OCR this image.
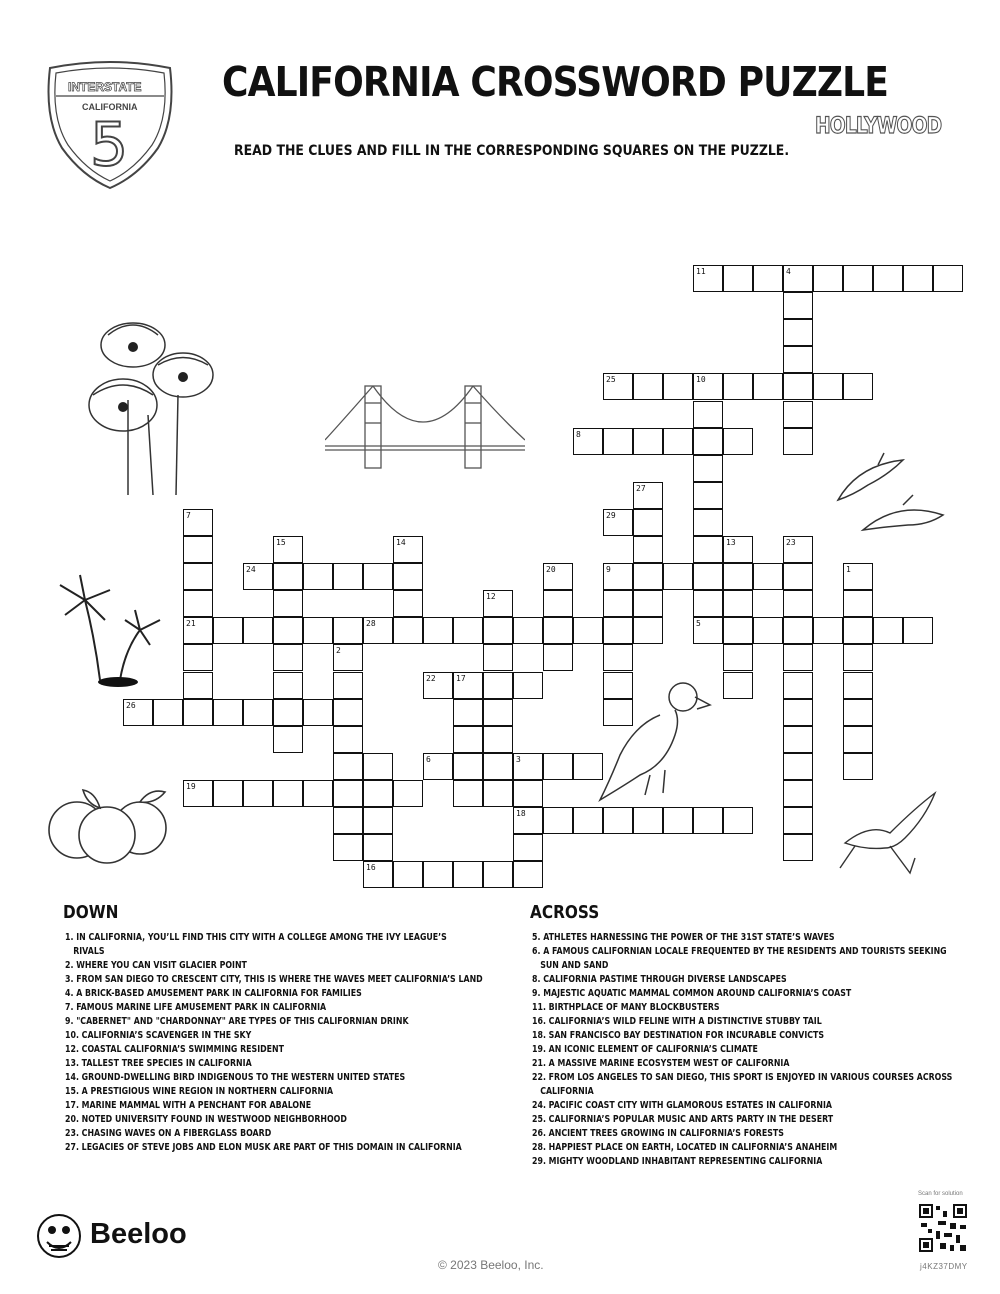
INTERSTATE
CALIFORNIA
5
CALIFORNIA CROSSWORD PUZZLE
READ THE CLUES AND FILL IN THE CORRESPONDING SQUARES ON THE PUZZLE.
HOLLYWOOD
11	4
25	10
8
27
29
7
21
15	14	13	23
24	20	9	1
12
28	5
2
22	17
26
6	3
18
19
16
DOWN
1. IN CALIFORNIA, YOU’LL FIND THIS CITY WITH A COLLEGE AMONG THE IVY LEAGUE’S
RIVALS
2. WHERE YOU CAN VISIT GLACIER POINT
3. FROM SAN DIEGO TO CRESCENT CITY, THIS IS WHERE THE WAVES MEET CALIFORNIA’S LAND
4. A BRICK-BASED AMUSEMENT PARK IN CALIFORNIA FOR FAMILIES
7. FAMOUS MARINE LIFE AMUSEMENT PARK IN CALIFORNIA
9. "CABERNET" AND "CHARDONNAY" ARE TYPES OF THIS CALIFORNIAN DRINK
10. CALIFORNIA’S SCAVENGER IN THE SKY
12. COASTAL CALIFORNIA’S SWIMMING RESIDENT
13. TALLEST TREE SPECIES IN CALIFORNIA
14. GROUND-DWELLING BIRD INDIGENOUS TO THE WESTERN UNITED STATES
15. A PRESTIGIOUS WINE REGION IN NORTHERN CALIFORNIA
17. MARINE MAMMAL WITH A PENCHANT FOR ABALONE
20. NOTED UNIVERSITY FOUND IN WESTWOOD NEIGHBORHOOD
23. CHASING WAVES ON A FIBERGLASS BOARD
27. LEGACIES OF STEVE JOBS AND ELON MUSK ARE PART OF THIS DOMAIN IN CALIFORNIA
ACROSS
5. ATHLETES HARNESSING THE POWER OF THE 31ST STATE’S WAVES
6. A FAMOUS CALIFORNIAN LOCALE FREQUENTED BY THE RESIDENTS AND TOURISTS SEEKING
SUN AND SAND
8. CALIFORNIA PASTIME THROUGH DIVERSE LANDSCAPES
9. MAJESTIC AQUATIC MAMMAL COMMON AROUND CALIFORNIA’S COAST
11. BIRTHPLACE OF MANY BLOCKBUSTERS
16. CALIFORNIA’S WILD FELINE WITH A DISTINCTIVE STUBBY TAIL
18. SAN FRANCISCO BAY DESTINATION FOR INCURABLE CONVICTS
19. AN ICONIC ELEMENT OF CALIFORNIA’S CLIMATE
21. A MASSIVE MARINE ECOSYSTEM WEST OF CALIFORNIA
22. FROM LOS ANGELES TO SAN DIEGO, THIS SPORT IS ENJOYED IN VARIOUS COURSES ACROSS
CALIFORNIA
24. PACIFIC COAST CITY WITH GLAMOROUS ESTATES IN CALIFORNIA
25. CALIFORNIA’S POPULAR MUSIC AND ARTS PARTY IN THE DESERT
26. ANCIENT TREES GROWING IN CALIFORNIA’S FORESTS
28. HAPPIEST PLACE ON EARTH, LOCATED IN CALIFORNIA’S ANAHEIM
29. MIGHTY WOODLAND INHABITANT REPRESENTING CALIFORNIA
Beeloo
© 2023 Beeloo, Inc.
Scan for solution
j4KZ37DMY
